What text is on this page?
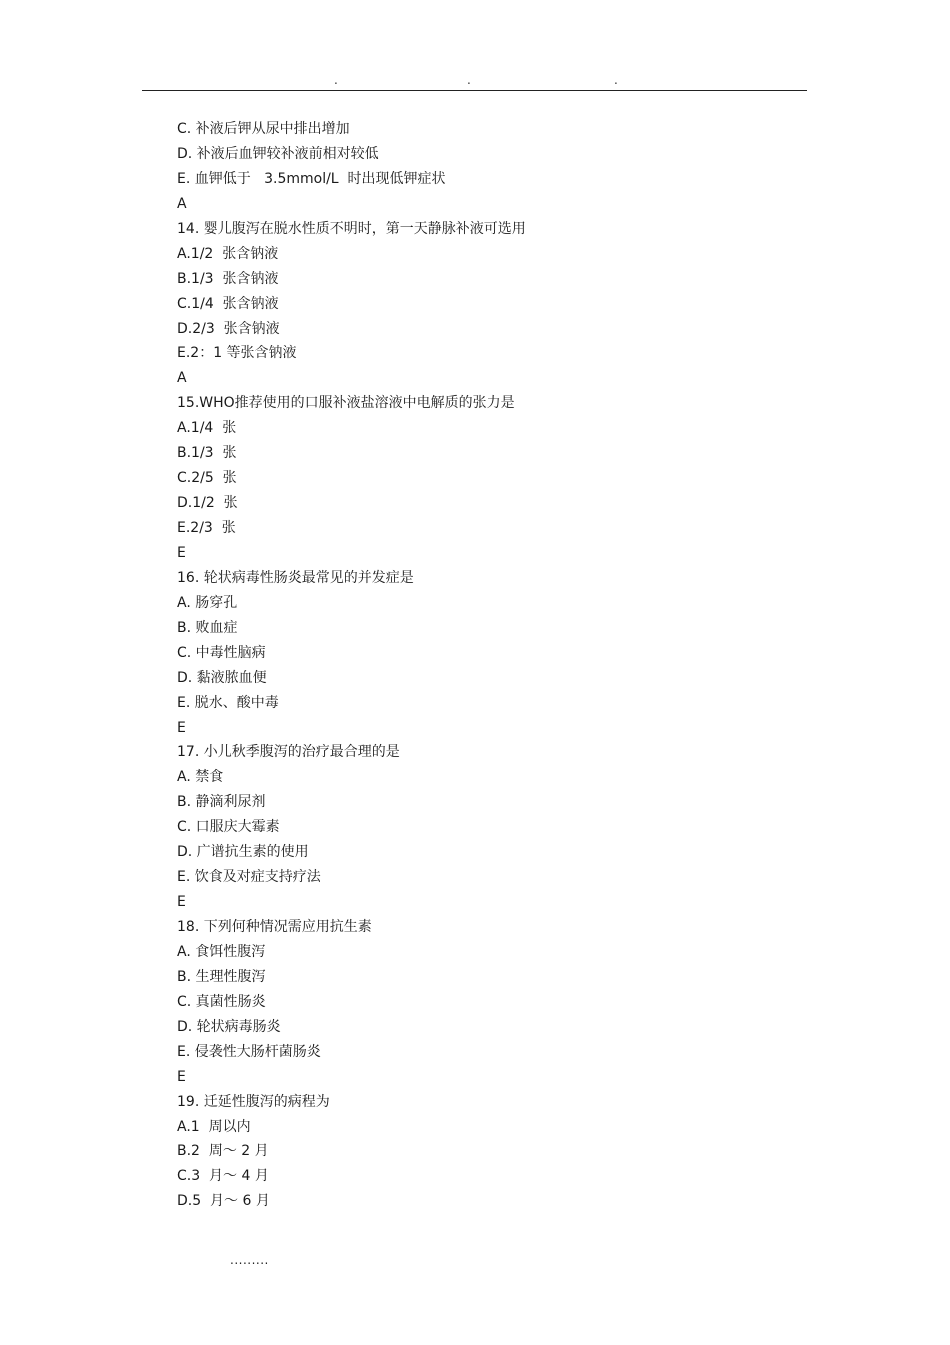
.	.	.
C. 补液后钾从尿中排出增加
D. 补液后血钾较补液前相对较低
E. 血钾低于   3.5mmol/L  时出现低钾症状
A
14. 婴儿腹泻在脱水性质不明时，第一天静脉补液可选用
A.1/2  张含钠液
B.1/3  张含钠液
C.1/4  张含钠液
D.2/3  张含钠液
E.2：1 等张含钠液
A
15.WHO推荐使用的口服补液盐溶液中电解质的张力是
A.1/4  张
B.1/3  张
C.2/5  张
D.1/2  张
E.2/3  张
E
16. 轮状病毒性肠炎最常见的并发症是
A. 肠穿孔
B. 败血症
C. 中毒性脑病
D. 黏液脓血便
E. 脱水、酸中毒
E
17. 小儿秋季腹泻的治疗最合理的是
A. 禁食
B. 静滴利尿剂
C. 口服庆大霉素
D. 广谱抗生素的使用
E. 饮食及对症支持疗法
E
18. 下列何种情况需应用抗生素
A. 食饵性腹泻
B. 生理性腹泻
C. 真菌性肠炎
D. 轮状病毒肠炎
E. 侵袭性大肠杆菌肠炎
E
19. 迁延性腹泻的病程为
A.1  周以内
B.2  周～ 2 月
C.3  月～ 4 月
D.5  月～ 6 月
.........
